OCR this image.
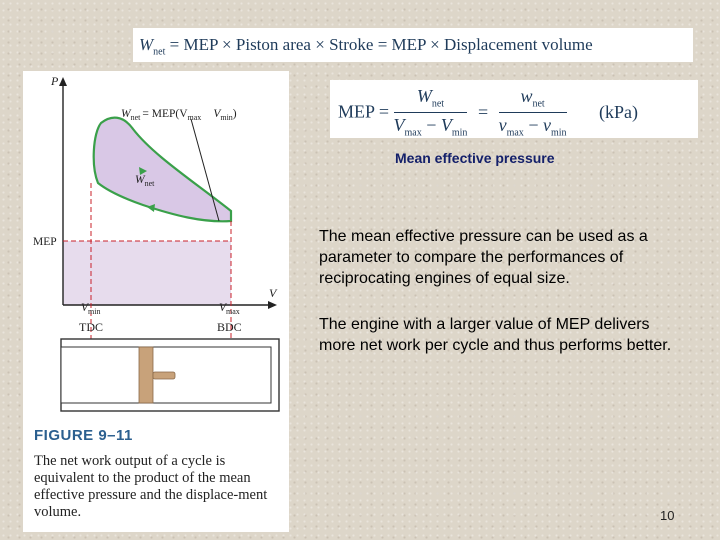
$W_{net}$ = MEP × Piston area × Stroke = MEP × Displacement volume
MEP = $\frac{W_{net}}{V_{max} - V_{min}} = \frac{w_{net}}{v_{max} - v_{min}} (kPa)$
Mean effective pressure
The mean effective pressure can be used as a parameter to compare the performances of reciprocating engines of equal size.
The engine with a larger value of MEP delivers more net work per cycle and thus performs better.
10
P
V
$W_{net} = MEP(V_{max}$ $V_{min}$)
$W_{net}$
MEP
$V_{min}$	$V_{max}$
TDC	BDC
FIGURE 9–11
The net work output of a cycle is equivalent to the product of the mean effective pressure and the displace-ment volume.
